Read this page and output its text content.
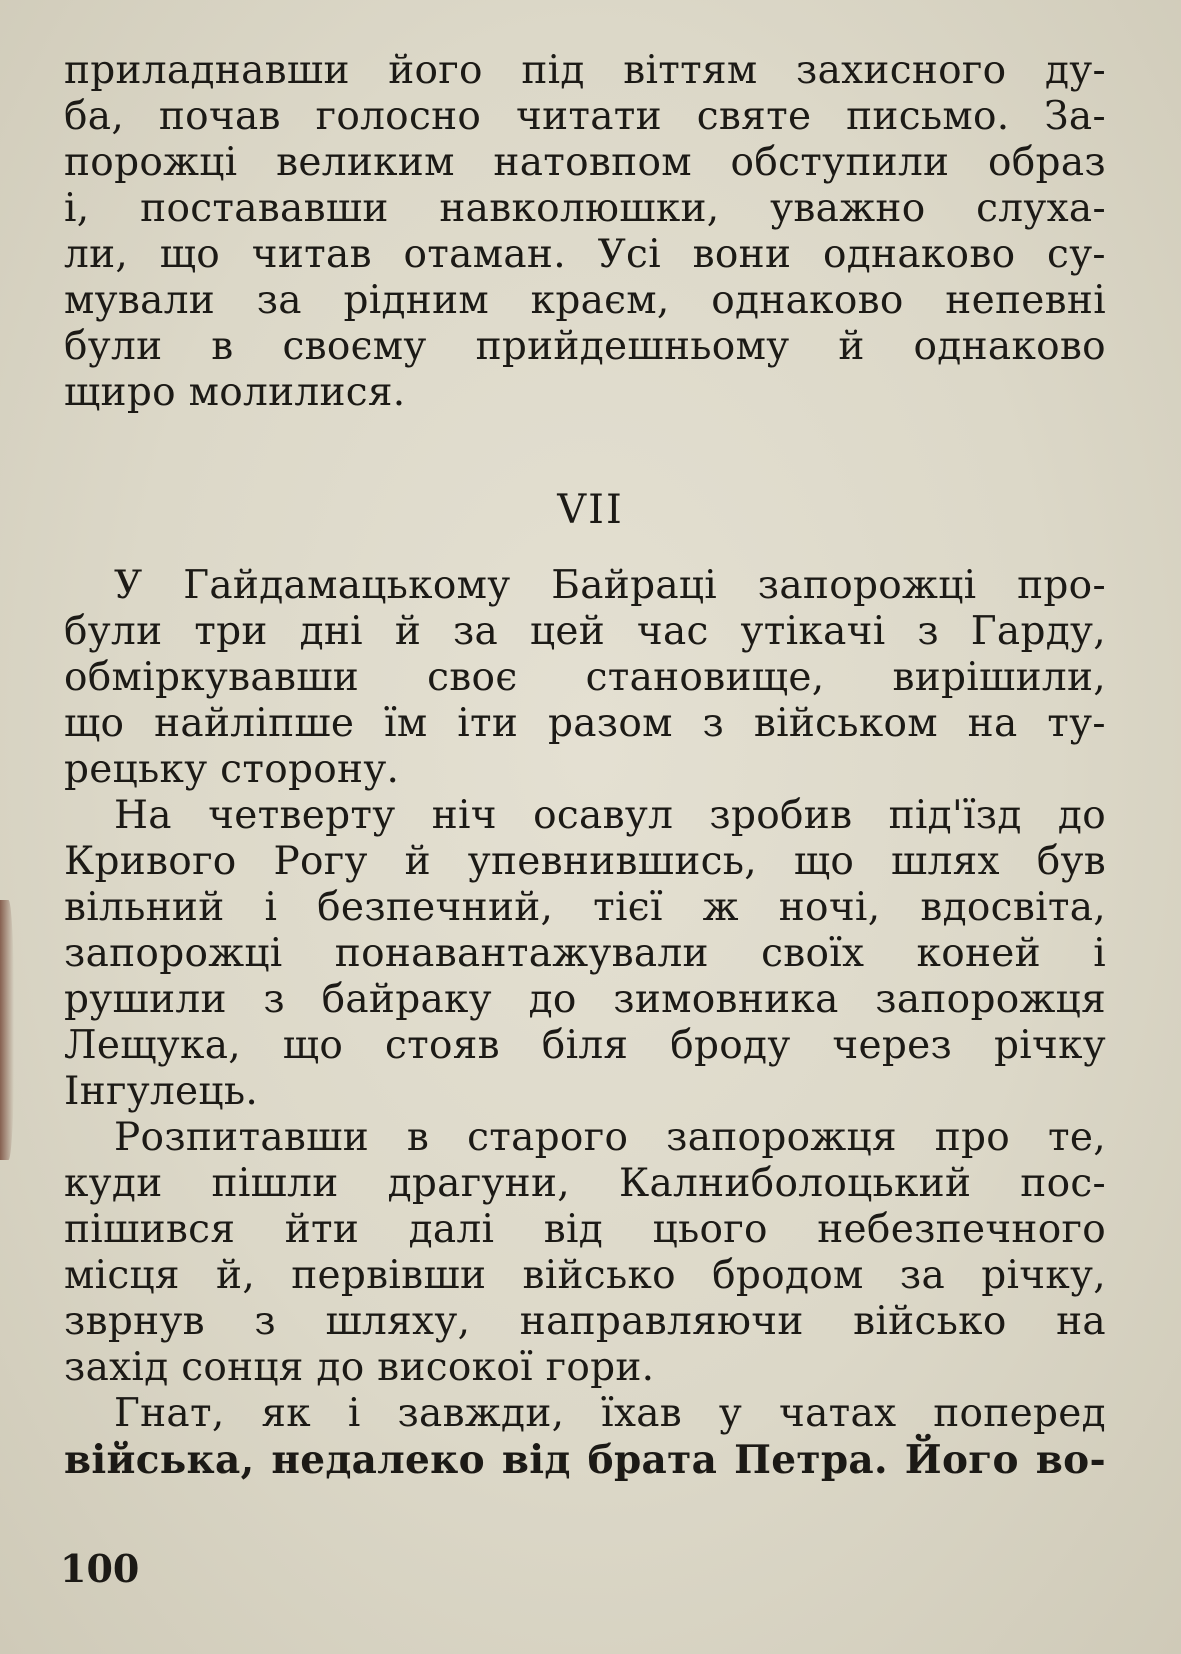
приладнавши його під віттям захисного ду-
ба, почав голосно читати святе письмо. За-
порожці великим натовпом обступили образ
і, постававши навколюшки, уважно слуха-
ли, що читав отаман. Усі вони однаково су-
мували за рідним краєм, однаково непевні
були в своєму прийдешньому й однаково
щиро молилися.
VII
У Гайдамацькому Байраці запорожці про-
були три дні й за цей час утікачі з Гарду,
обміркувавши своє становище, вирішили,
що найліпше їм іти разом з військом на ту-
рецьку сторону.
На четверту ніч осавул зробив під'їзд до
Кривого Рогу й упевнившись, що шлях був
вільний і безпечний, тієї ж ночі, вдосвіта,
запорожці понавантажували своїх коней і
рушили з байраку до зимовника запорожця
Лещука, що стояв біля броду через річку
Інгулець.
Розпитавши в старого запорожця про те,
куди пішли драгуни, Калниболоцький пос-
пішився йти далі від цього небезпечного
місця й, первівши військо бродом за річку,
зврнув з шляху, направляючи військо на
захід сонця до високої гори.
Гнат, як і завжди, їхав у чатах поперед
війська, недалеко від брата Петра. Його во-
100
